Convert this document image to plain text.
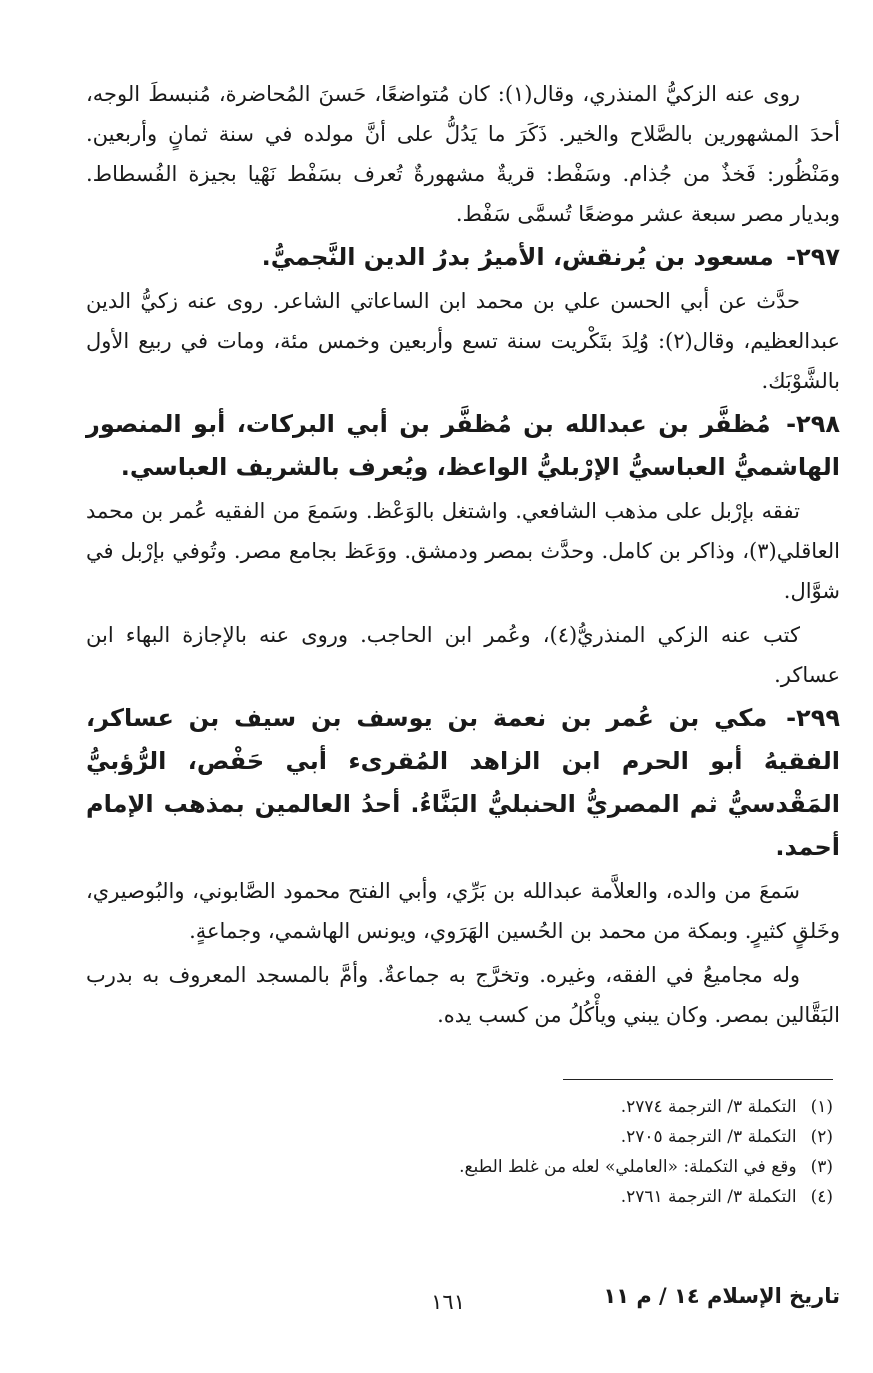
روى عنه الزكيُّ المنذري، وقال(١): كان مُتواضعًا، حَسنَ المُحاضرة، مُنبسطَ الوجه، أحدَ المشهورين بالصَّلاح والخير. ذَكَرَ ما يَدُلُّ على أنَّ مولده في سنة ثمانٍ وأربعين. ومَنْظُور: فَخذٌ من جُذام. وسَفْط: قريةٌ مشهورةٌ تُعرف بسَفْط نَهْيا بجيزة الفُسطاط. وبديار مصر سبعة عشر موضعًا تُسمَّى سَفْط.

٢٩٧- مسعود بن يُرنقش، الأميرُ بدرُ الدين النَّجميُّ.

حدَّث عن أبي الحسن علي بن محمد ابن الساعاتي الشاعر. روى عنه زكيُّ الدين عبدالعظيم، وقال(٢): وُلِدَ بتَكْريت سنة تسع وأربعين وخمس مئة، ومات في ربيع الأول بالشَّوْبَك.

٢٩٨- مُظفَّر بن عبدالله بن مُظفَّر بن أبي البركات، أبو المنصور الهاشميُّ العباسيُّ الإرْبليُّ الواعظ، ويُعرف بالشريف العباسي.

تفقه بإرْبل على مذهب الشافعي. واشتغل بالوَعْظ. وسَمعَ من الفقيه عُمر بن محمد العاقلي(٣)، وذاكر بن كامل. وحدَّث بمصر ودمشق. ووَعَظ بجامع مصر. وتُوفي بإرْبل في شوَّال.

كتب عنه الزكي المنذريُّ(٤)، وعُمر ابن الحاجب. وروى عنه بالإجازة البهاء ابن عساكر.

٢٩٩- مكي بن عُمر بن نعمة بن يوسف بن سيف بن عساكر، الفقيهُ أبو الحرم ابن الزاهد المُقرىء أبي حَفْص، الرُّؤبيُّ المَقْدسيُّ ثم المصريُّ الحنبليُّ البَنَّاءُ. أحدُ العالمين بمذهب الإمام أحمد.

سَمعَ من والده، والعلاَّمة عبدالله بن بَرِّي، وأبي الفتح محمود الصَّابوني، والبُوصيري، وخَلقٍ كثيرٍ. وبمكة من محمد بن الحُسين الهَرَوي، ويونس الهاشمي، وجماعةٍ.

وله مجاميعُ في الفقه، وغيره. وتخرَّج به جماعةٌ. وأمَّ بالمسجد المعروف به بدرب البَقَّالين بمصر. وكان يبني ويأْكُلُ من كسب يده.

(١)التكملة ٣/ الترجمة ٢٧٧٤.

(٢)التكملة ٣/ الترجمة ٢٧٠٥.

(٣)وقع في التكملة: «العاملي» لعله من غلط الطبع.

(٤)التكملة ٣/ الترجمة ٢٧٦١.

تاريخ الإسلام ١٤ / م ١١
١٦١
